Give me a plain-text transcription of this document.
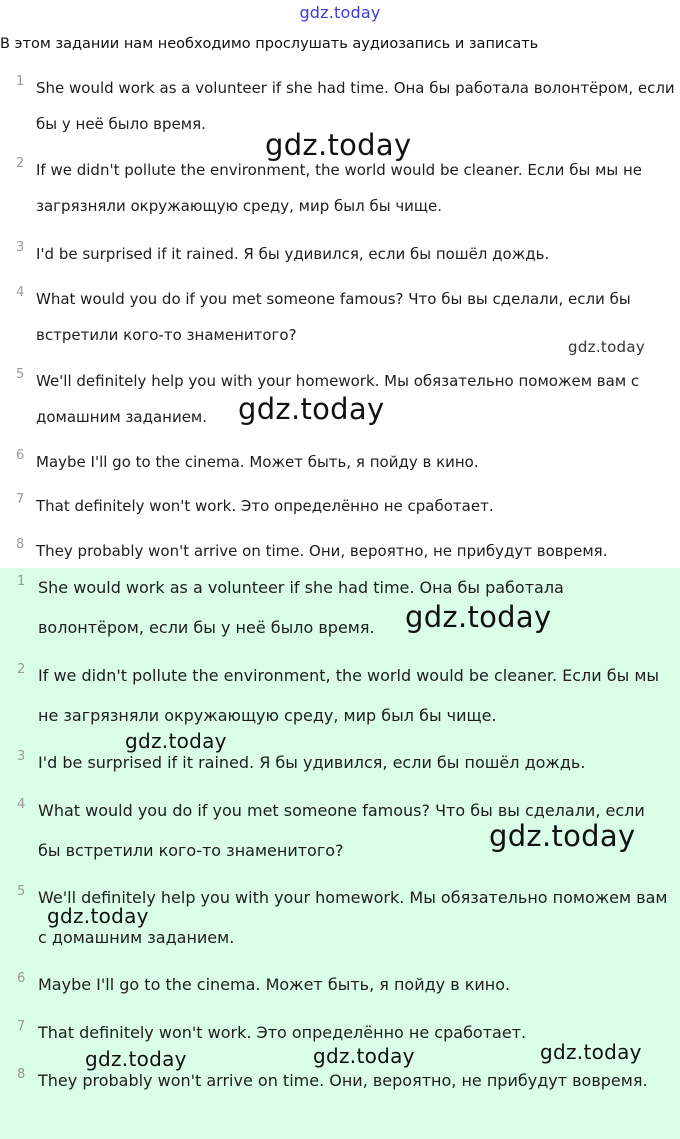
gdz.today
В этом задании нам необходимо прослушать аудиозапись и записать
1 She would work as a volunteer if she had time. Она бы работала волонтёром, если бы у неё было время.
2 If we didn't pollute the environment, the world would be cleaner. Если бы мы не загрязняли окружающую среду, мир был бы чище.
3 I'd be surprised if it rained. Я бы удивился, если бы пошёл дождь.
4 What would you do if you met someone famous? Что бы вы сделали, если бы встретили кого-то знаменитого?
5 We'll definitely help you with your homework. Мы обязательно поможем вам с домашним заданием.
6 Maybe I'll go to the cinema. Может быть, я пойду в кино.
7 That definitely won't work. Это определённо не сработает.
8 They probably won't arrive on time. Они, вероятно, не прибудут вовремя.
1 She would work as a volunteer if she had time. Она бы работала волонтёром, если бы у неё было время.
2 If we didn't pollute the environment, the world would be cleaner. Если бы мы не загрязняли окружающую среду, мир был бы чище.
3 I'd be surprised if it rained. Я бы удивился, если бы пошёл дождь.
4 What would you do if you met someone famous? Что бы вы сделали, если бы встретили кого-то знаменитого?
5 We'll definitely help you with your homework. Мы обязательно поможем вам с домашним заданием.
6 Maybe I'll go to the cinema. Может быть, я пойду в кино.
7 That definitely won't work. Это определённо не сработает.
8 They probably won't arrive on time. Они, вероятно, не прибудут вовремя.
gdz.today
gdz.today
gdz.today
gdz.today
gdz.today
gdz.today
gdz.today
gdz.today	gdz.today	gdz.today
